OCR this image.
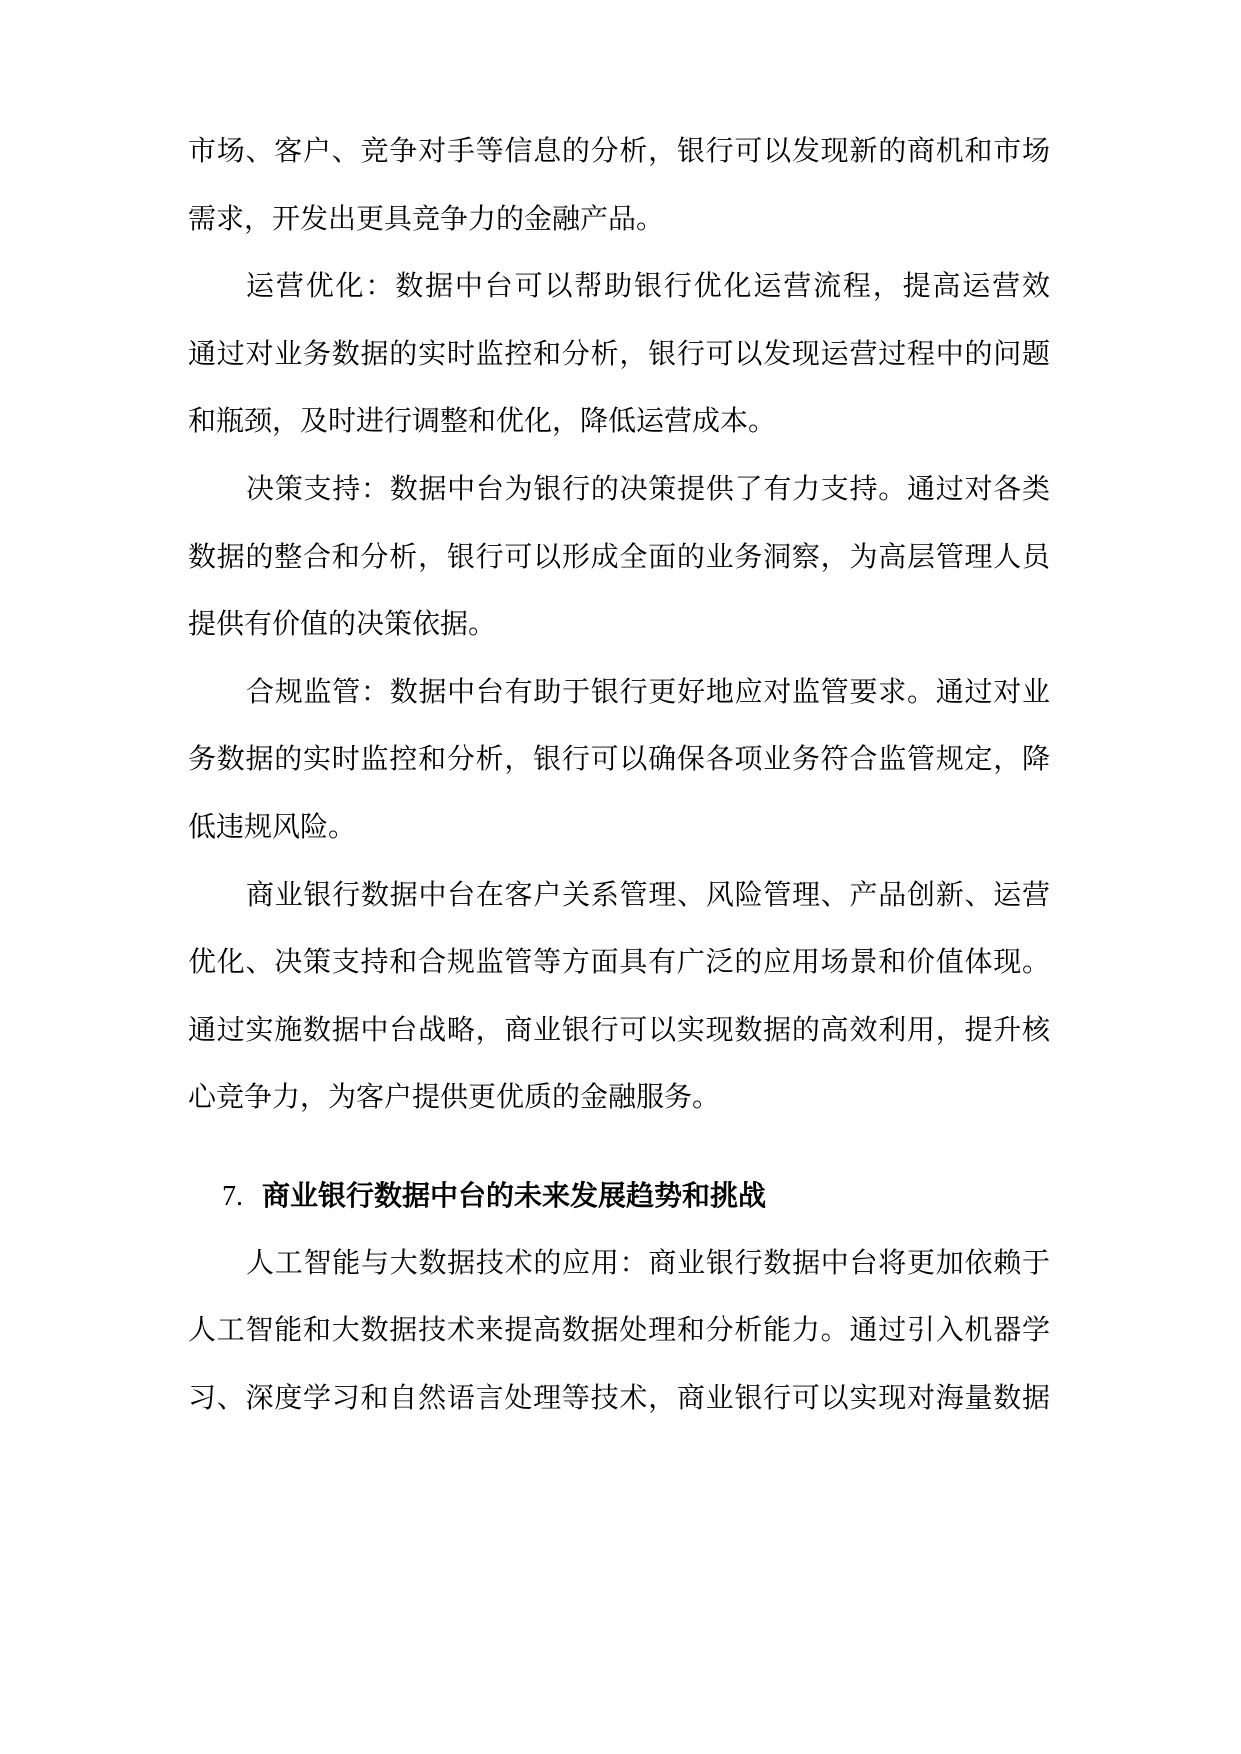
市场、客户、竞争对手等信息的分析，银行可以发现新的商机和市场
需求，开发出更具竞争力的金融产品。
运营优化：数据中台可以帮助银行优化运营流程，提高运营效
通过对业务数据的实时监控和分析，银行可以发现运营过程中的问题
和瓶颈，及时进行调整和优化，降低运营成本。
决策支持：数据中台为银行的决策提供了有力支持。通过对各类
数据的整合和分析，银行可以形成全面的业务洞察，为高层管理人员
提供有价值的决策依据。
合规监管：数据中台有助于银行更好地应对监管要求。通过对业
务数据的实时监控和分析，银行可以确保各项业务符合监管规定，降
低违规风险。
商业银行数据中台在客户关系管理、风险管理、产品创新、运营
优化、决策支持和合规监管等方面具有广泛的应用场景和价值体现。
通过实施数据中台战略，商业银行可以实现数据的高效利用，提升核
心竞争力，为客户提供更优质的金融服务。
7. 商业银行数据中台的未来发展趋势和挑战
人工智能与大数据技术的应用：商业银行数据中台将更加依赖于
人工智能和大数据技术来提高数据处理和分析能力。通过引入机器学
习、深度学习和自然语言处理等技术，商业银行可以实现对海量数据
